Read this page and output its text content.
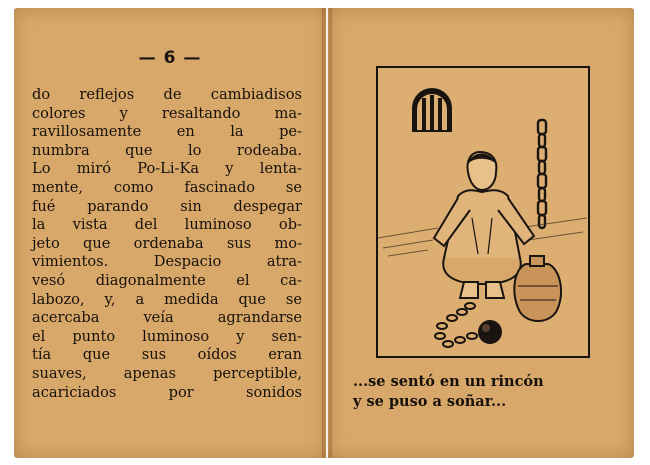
— 6 —
do reflejos de cambiadisos
colores y resaltando ma-
ravillosamente en la pe-
numbra que lo rodeaba.
Lo miró Po-Li-Ka y lenta-
mente, como fascinado se
fué parando sin despegar
la vista del luminoso ob-
jeto que ordenaba sus mo-
vimientos. Despacio atra-
vesó diagonalmente el ca-
labozo, y, a medida que se
acercaba veía agrandarse
el punto luminoso y sen-
tía que sus oídos eran
suaves, apenas perceptible,
acariciados por sonidos
...se sentó en un rincón
y se puso a soñar...
